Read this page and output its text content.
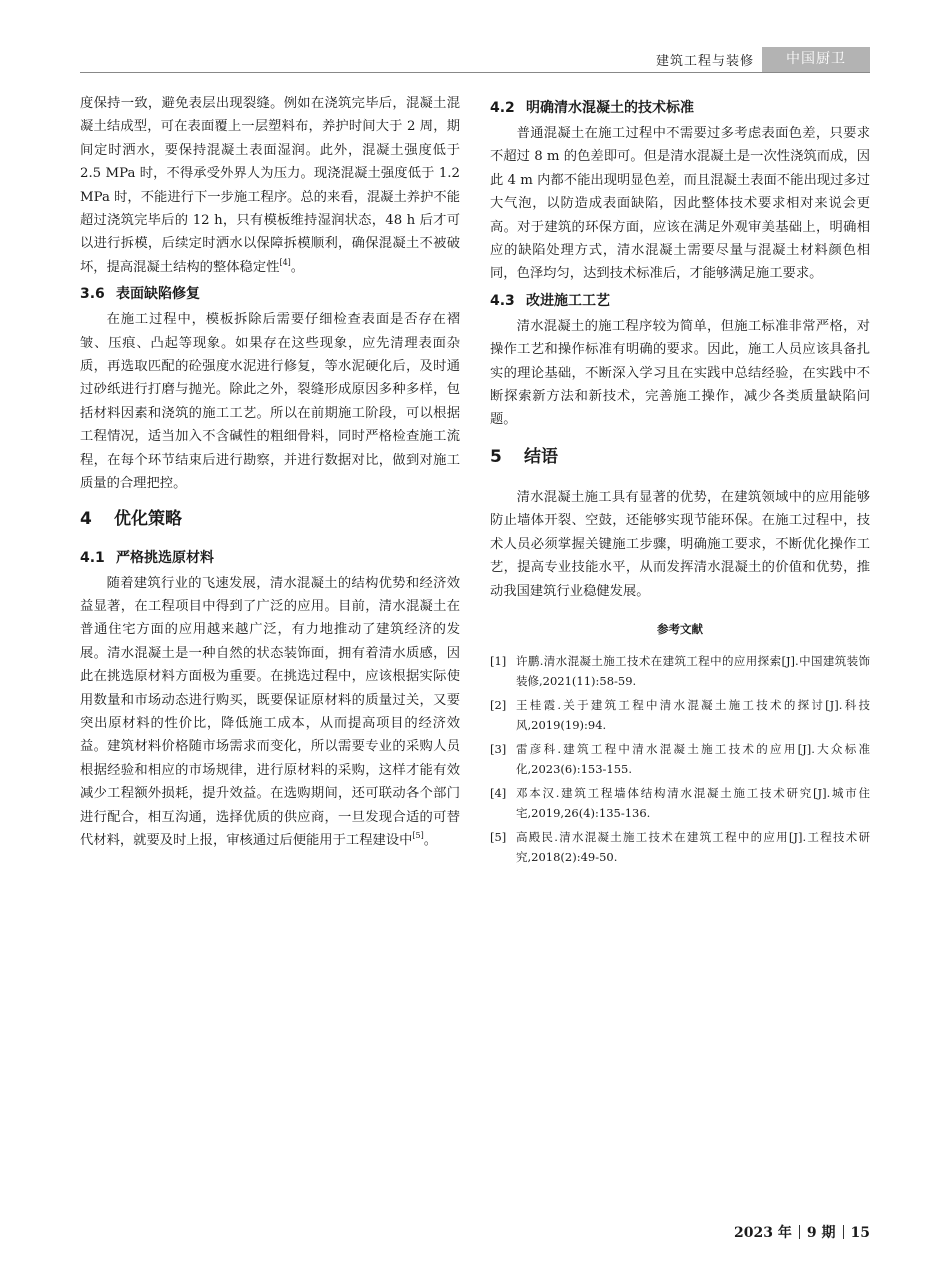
建筑工程与装修	中国厨卫

度保持一致，避免表层出现裂缝。例如在浇筑完毕后，混凝土混凝土结成型，可在表面覆上一层塑料布，养护时间大于 2 周，期间定时洒水，要保持混凝土表面湿润。此外，混凝土强度低于 2.5 MPa 时，不得承受外界人为压力。现浇混凝土强度低于 1.2 MPa 时，不能进行下一步施工程序。总的来看，混凝土养护不能超过浇筑完毕后的 12 h，只有模板维持湿润状态，48 h 后才可以进行拆模，后续定时洒水以保障拆模顺利，确保混凝土不被破坏，提高混凝土结构的整体稳定性[4]。

3.6 表面缺陷修复

在施工过程中，模板拆除后需要仔细检查表面是否存在褶皱、压痕、凸起等现象。如果存在这些现象，应先清理表面杂质，再选取匹配的砼强度水泥进行修复，等水泥硬化后，及时通过砂纸进行打磨与抛光。除此之外，裂缝形成原因多种多样，包括材料因素和浇筑的施工工艺。所以在前期施工阶段，可以根据工程情况，适当加入不含碱性的粗细骨料，同时严格检查施工流程，在每个环节结束后进行勘察，并进行数据对比，做到对施工质量的合理把控。

4 优化策略
4.1 严格挑选原材料

随着建筑行业的飞速发展，清水混凝土的结构优势和经济效益显著，在工程项目中得到了广泛的应用。目前，清水混凝土在普通住宅方面的应用越来越广泛，有力地推动了建筑经济的发展。清水混凝土是一种自然的状态装饰面，拥有着清水质感，因此在挑选原材料方面极为重要。在挑选过程中，应该根据实际使用数量和市场动态进行购买，既要保证原材料的质量过关，又要突出原材料的性价比，降低施工成本，从而提高项目的经济效益。建筑材料价格随市场需求而变化，所以需要专业的采购人员根据经验和相应的市场规律，进行原材料的采购，这样才能有效减少工程额外损耗，提升效益。在选购期间，还可联动各个部门进行配合，相互沟通，选择优质的供应商，一旦发现合适的可替代材料，就要及时上报，审核通过后便能用于工程建设中[5]。

4.2 明确清水混凝土的技术标准

普通混凝土在施工过程中不需要过多考虑表面色差，只要求不超过 8 m 的色差即可。但是清水混凝土是一次性浇筑而成，因此 4 m 内都不能出现明显色差，而且混凝土表面不能出现过多过大气泡，以防造成表面缺陷，因此整体技术要求相对来说会更高。对于建筑的环保方面，应该在满足外观审美基础上，明确相应的缺陷处理方式，清水混凝土需要尽量与混凝土材料颜色相同，色泽均匀，达到技术标准后，才能够满足施工要求。

4.3 改进施工工艺

清水混凝土的施工程序较为简单，但施工标准非常严格，对操作工艺和操作标准有明确的要求。因此，施工人员应该具备扎实的理论基础，不断深入学习且在实践中总结经验，在实践中不断探索新方法和新技术，完善施工操作，减少各类质量缺陷问题。

5 结语

清水混凝土施工具有显著的优势，在建筑领域中的应用能够防止墙体开裂、空鼓，还能够实现节能环保。在施工过程中，技术人员必须掌握关键施工步骤，明确施工要求，不断优化操作工艺，提高专业技能水平，从而发挥清水混凝土的价值和优势，推动我国建筑行业稳健发展。

参考文献

[1] 许鹏.清水混凝土施工技术在建筑工程中的应用探索[J].中国建筑装饰装修,2021(11):58-59.
[2] 王桂霞.关于建筑工程中清水混凝土施工技术的探讨[J].科技风,2019(19):94.
[3] 雷彦科.建筑工程中清水混凝土施工技术的应用[J].大众标准化,2023(6):153-155.
[4] 邓本汉.建筑工程墙体结构清水混凝土施工技术研究[J].城市住宅,2019,26(4):135-136.
[5] 高殿民.清水混凝土施工技术在建筑工程中的应用[J].工程技术研究,2018(2):49-50.
2023 年 9 期 15
